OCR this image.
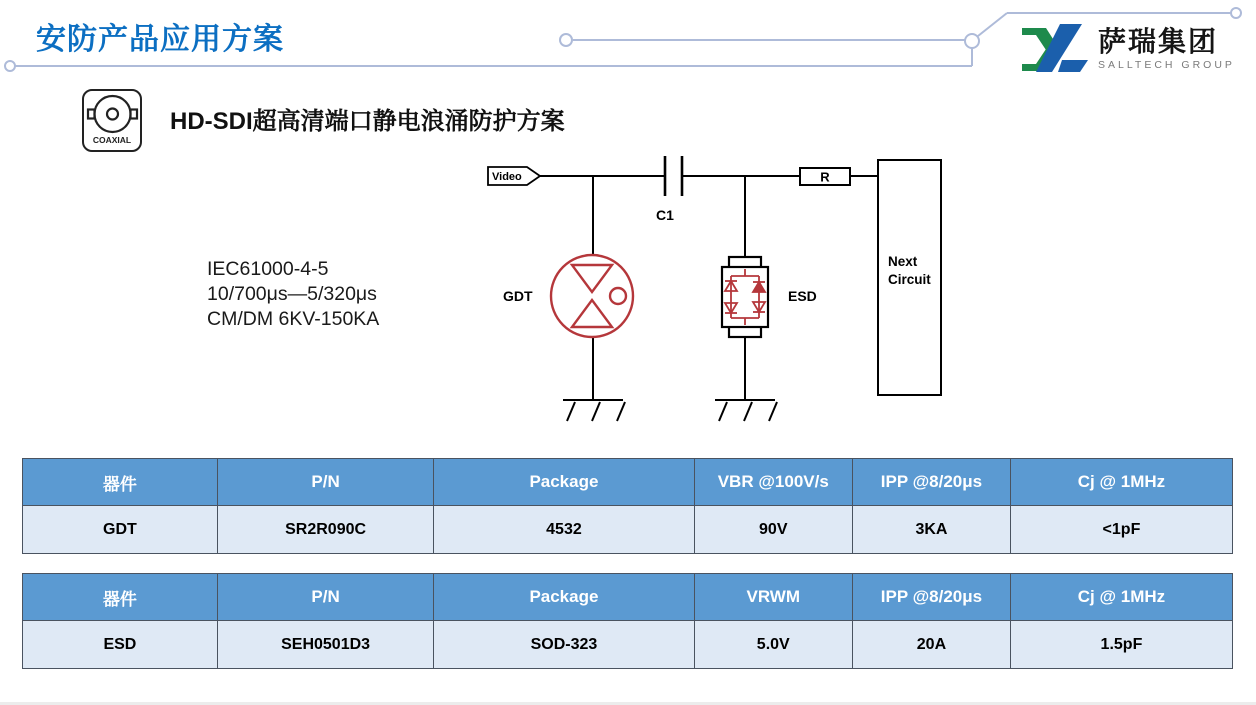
安防产品应用方案	萨瑞集团
SALLTECH GROUP
COAXIAL
HD-SDI超高清端口静电浪涌防护方案
IEC61000-4-5
10/700μs—5/320μs
CM/DM 6KV-150KA
Video
C1
GDT	ESD
R
Next
Circuit
器件	P/N	Package	VBR @100V/s	IPP @8/20μs	Cj @ 1MHz
GDT	SR2R090C	4532	90V	3KA	<1pF
器件	P/N	Package	VRWM	IPP @8/20μs	Cj @ 1MHz
ESD	SEH0501D3	SOD-323	5.0V	20A	1.5pF
